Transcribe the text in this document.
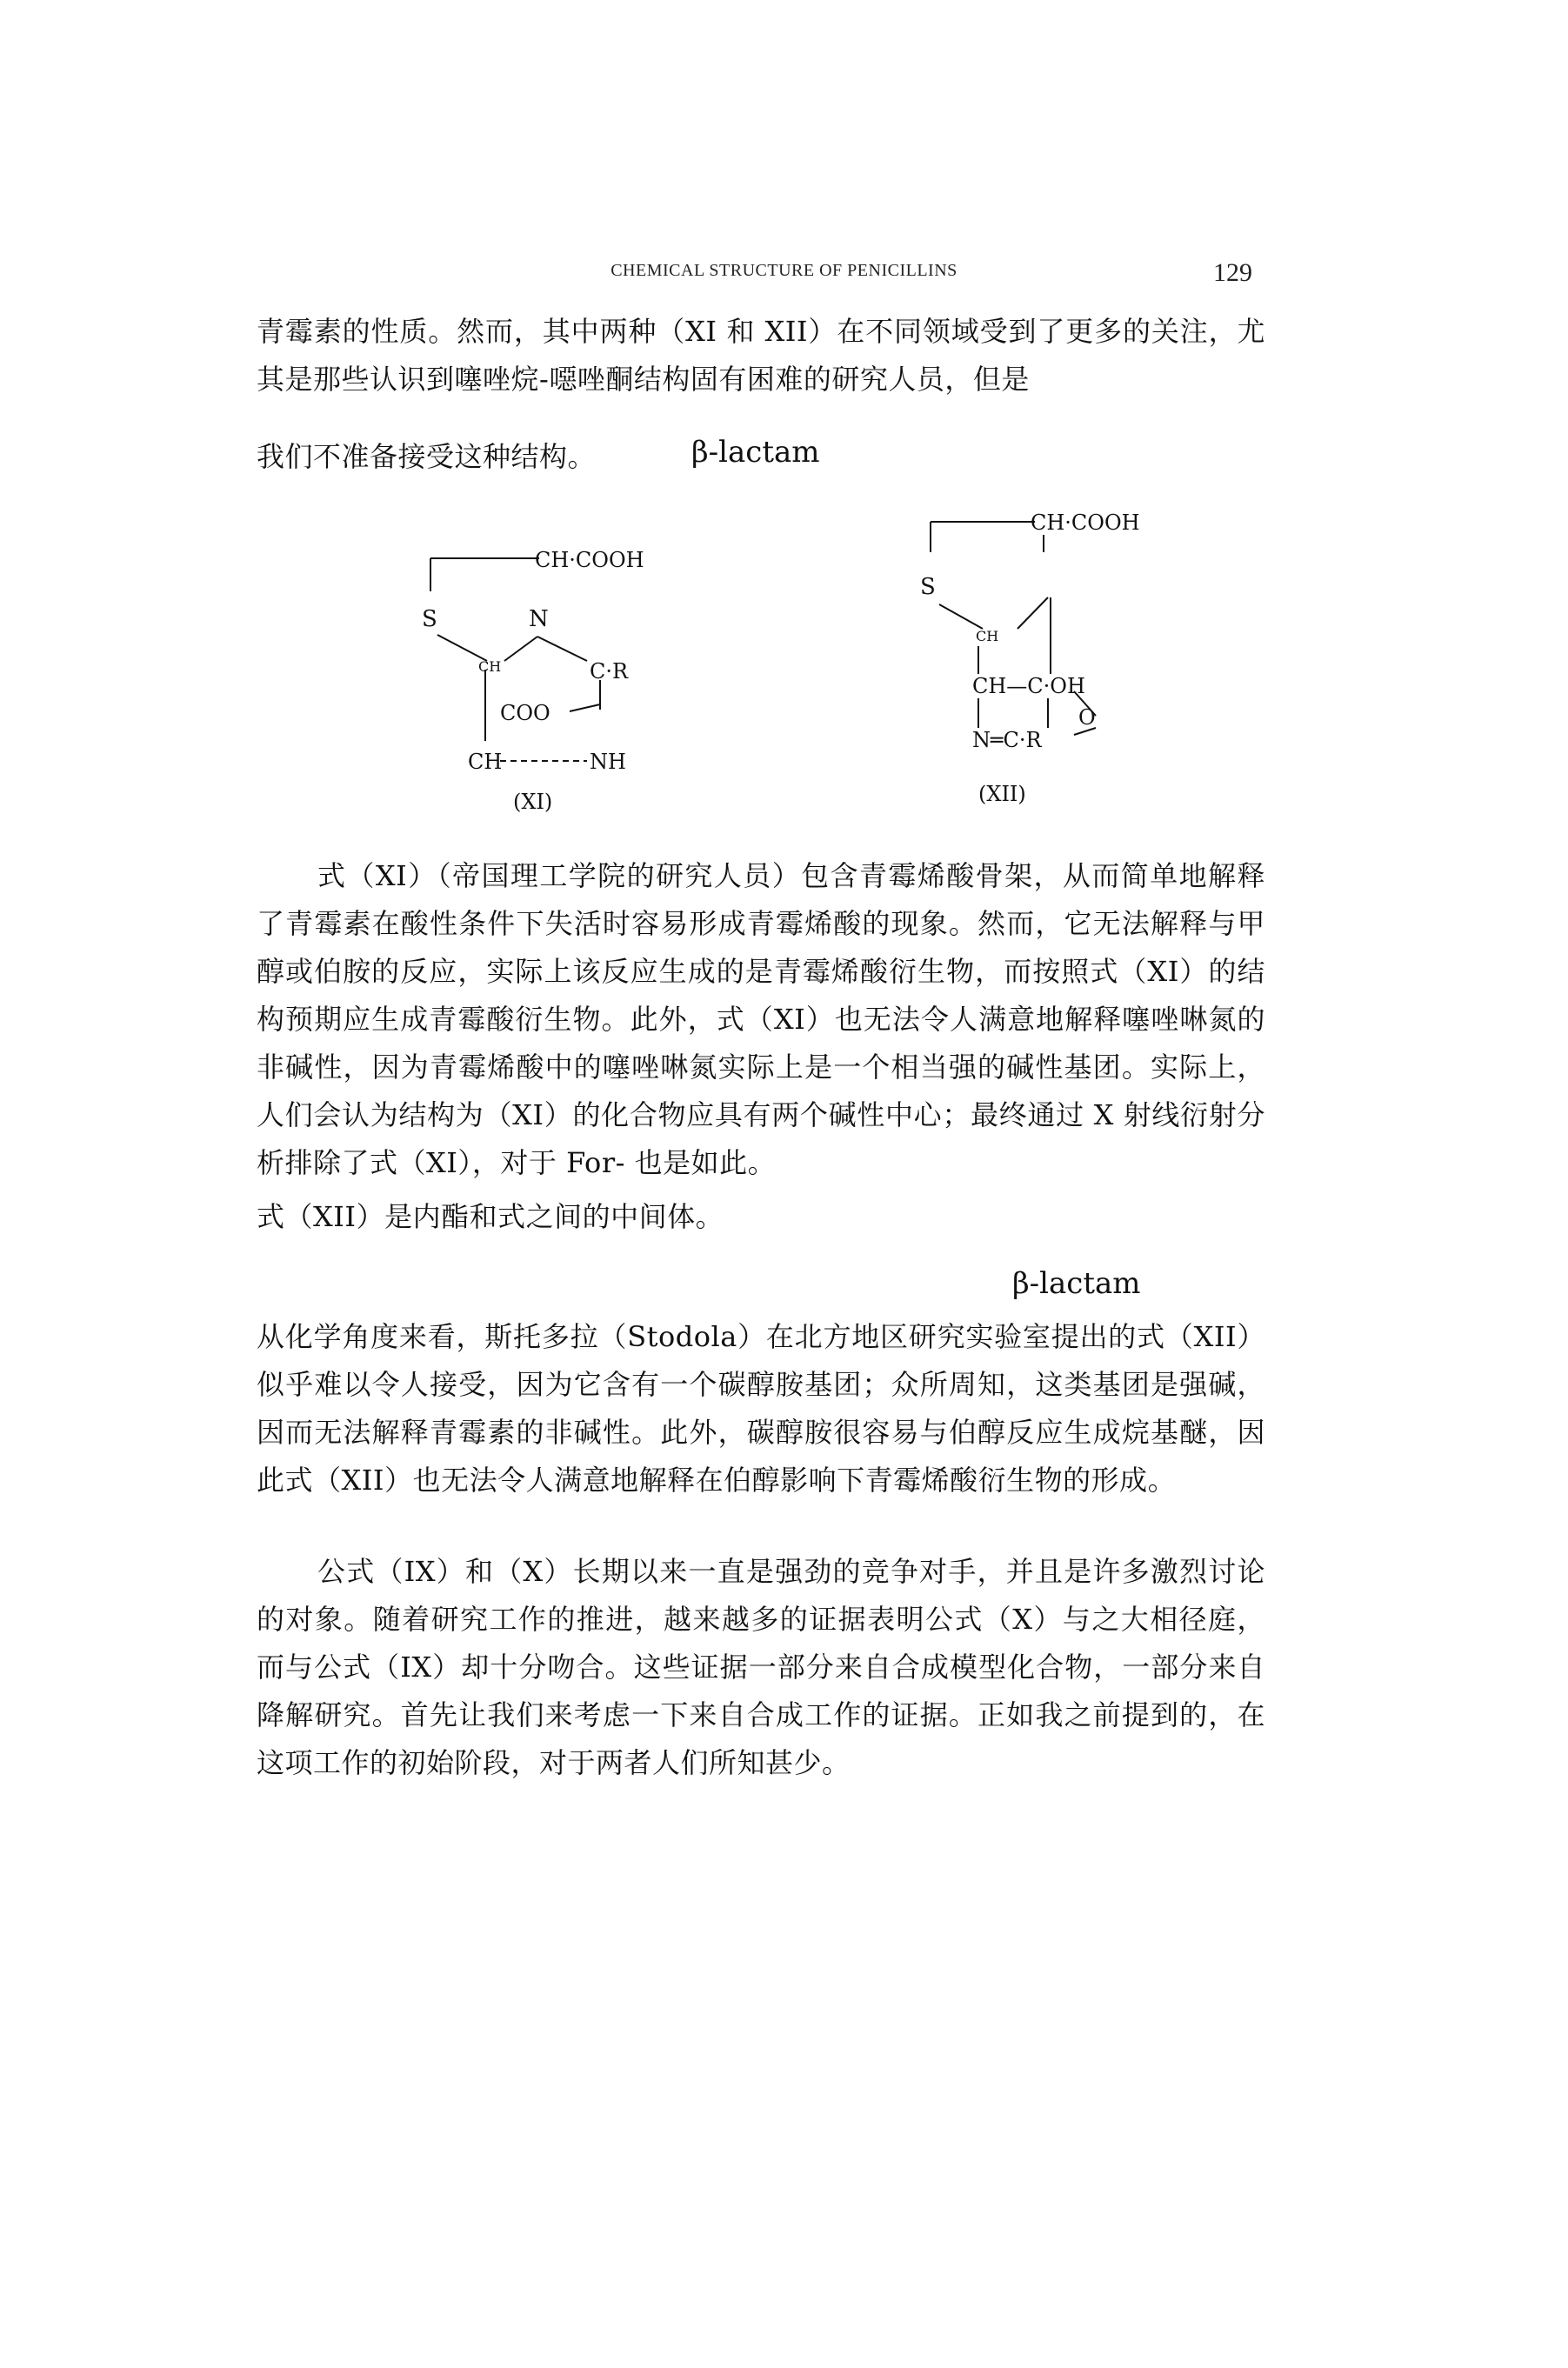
CHEMICAL STRUCTURE OF PENICILLINS	129

青霉素的性质。然而，其中两种（XI 和 XII）在不同领域受到了更多的关注，尤其是那些认识到噻唑烷-噁唑酮结构固有困难的研究人员，但是

我们不准备接受这种结构。	β-lactam
CH·COOH
S	N
CH	C·R
COO
CH	NH
(XI)
CH·COOH
S
CH
CH—C·OH
O
N═C·R
(XII)

式（XI）（帝国理工学院的研究人员）包含青霉烯酸骨架，从而简单地解释了青霉素在酸性条件下失活时容易形成青霉烯酸的现象。然而，它无法解释与甲醇或伯胺的反应，实际上该反应生成的是青霉烯酸衍生物，而按照式（XI）的结构预期应生成青霉酸衍生物。此外，式（XI）也无法令人满意地解释噻唑啉氮的非碱性，因为青霉烯酸中的噻唑啉氮实际上是一个相当强的碱性基团。实际上，人们会认为结构为（XI）的化合物应具有两个碱性中心；最终通过 X 射线衍射分析排除了式（XI），对于 For- 也是如此。

式（XII）是内酯和式之间的中间体。

β-lactam

从化学角度来看，斯托多拉（Stodola）在北方地区研究实验室提出的式（XII）似乎难以令人接受，因为它含有一个碳醇胺基团；众所周知，这类基团是强碱，因而无法解释青霉素的非碱性。此外，碳醇胺很容易与伯醇反应生成烷基醚，因此式（XII）也无法令人满意地解释在伯醇影响下青霉烯酸衍生物的形成。

公式（IX）和（X）长期以来一直是强劲的竞争对手，并且是许多激烈讨论的对象。随着研究工作的推进，越来越多的证据表明公式（X）与之大相径庭，而与公式（IX）却十分吻合。这些证据一部分来自合成模型化合物，一部分来自降解研究。首先让我们来考虑一下来自合成工作的证据。正如我之前提到的，在这项工作的初始阶段，对于两者人们所知甚少。
